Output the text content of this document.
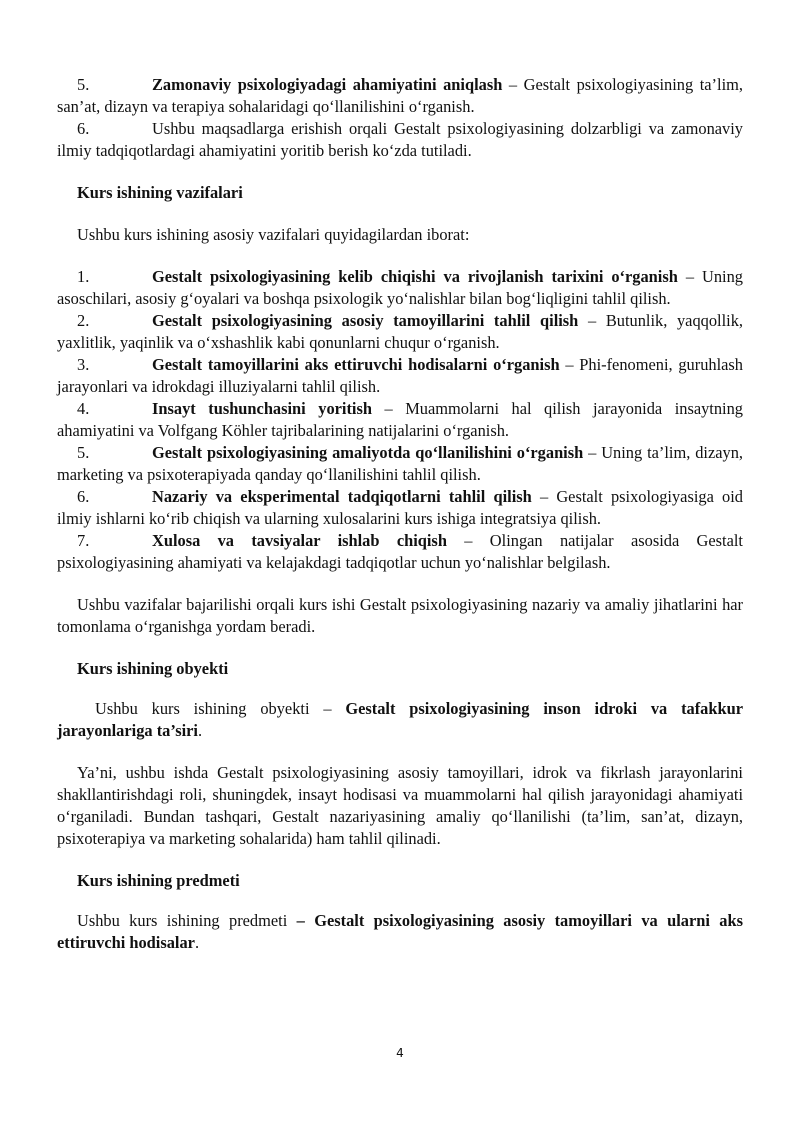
5.	Zamonaviy psixologiyadagi ahamiyatini aniqlash – Gestalt psixologiyasining ta’lim, san’at, dizayn va terapiya sohalaridagi qo‘llanilishini o‘rganish.
6.	Ushbu maqsadlarga erishish orqali Gestalt psixologiyasining dolzarbligi va zamonaviy ilmiy tadqiqotlardagi ahamiyatini yoritib berish ko‘zda tutiladi.
Kurs ishining vazifalari
Ushbu kurs ishining asosiy vazifalari quyidagilardan iborat:
1.	Gestalt psixologiyasining kelib chiqishi va rivojlanish tarixini o‘rganish – Uning asoschilari, asosiy g‘oyalari va boshqa psixologik yo‘nalishlar bilan bog‘liqligini tahlil qilish.
2.	Gestalt psixologiyasining asosiy tamoyillarini tahlil qilish – Butunlik, yaqqollik, yaxlitlik, yaqinlik va o‘xshashlik kabi qonunlarni chuqur o‘rganish.
3.	Gestalt tamoyillarini aks ettiruvchi hodisalarni o‘rganish – Phi-fenomeni, guruhlash jarayonlari va idrokdagi illuziyalarni tahlil qilish.
4.	Insayt tushunchasini yoritish – Muammolarni hal qilish jarayonida insaytning ahamiyatini va Volfgang Köhler tajribalarining natijalarini o‘rganish.
5.	Gestalt psixologiyasining amaliyotda qo‘llanilishini o‘rganish – Uning ta’lim, dizayn, marketing va psixoterapiyada qanday qo‘llanilishini tahlil qilish.
6.	Nazariy va eksperimental tadqiqotlarni tahlil qilish – Gestalt psixologiyasiga oid ilmiy ishlarni ko‘rib chiqish va ularning xulosalarini kurs ishiga integratsiya qilish.
7.	Xulosa va tavsiyalar ishlab chiqish – Olingan natijalar asosida Gestalt psixologiyasining ahamiyati va kelajakdagi tadqiqotlar uchun yo‘nalishlar belgilash.
Ushbu vazifalar bajarilishi orqali kurs ishi Gestalt psixologiyasining nazariy va amaliy jihatlarini har tomonlama o‘rganishga yordam beradi.
Kurs ishining obyekti
Ushbu kurs ishining obyekti – Gestalt psixologiyasining inson idroki va tafakkur jarayonlariga ta’siri.
Ya’ni, ushbu ishda Gestalt psixologiyasining asosiy tamoyillari, idrok va fikrlash jarayonlarini shakllantirishdagi roli, shuningdek, insayt hodisasi va muammolarni hal qilish jarayonidagi ahamiyati o‘rganiladi. Bundan tashqari, Gestalt nazariyasining amaliy qo‘llanilishi (ta’lim, san’at, dizayn, psixoterapiya va marketing sohalarida) ham tahlil qilinadi.
Kurs ishining predmeti
Ushbu kurs ishining predmeti – Gestalt psixologiyasining asosiy tamoyillari va ularni aks ettiruvchi hodisalar.
4
